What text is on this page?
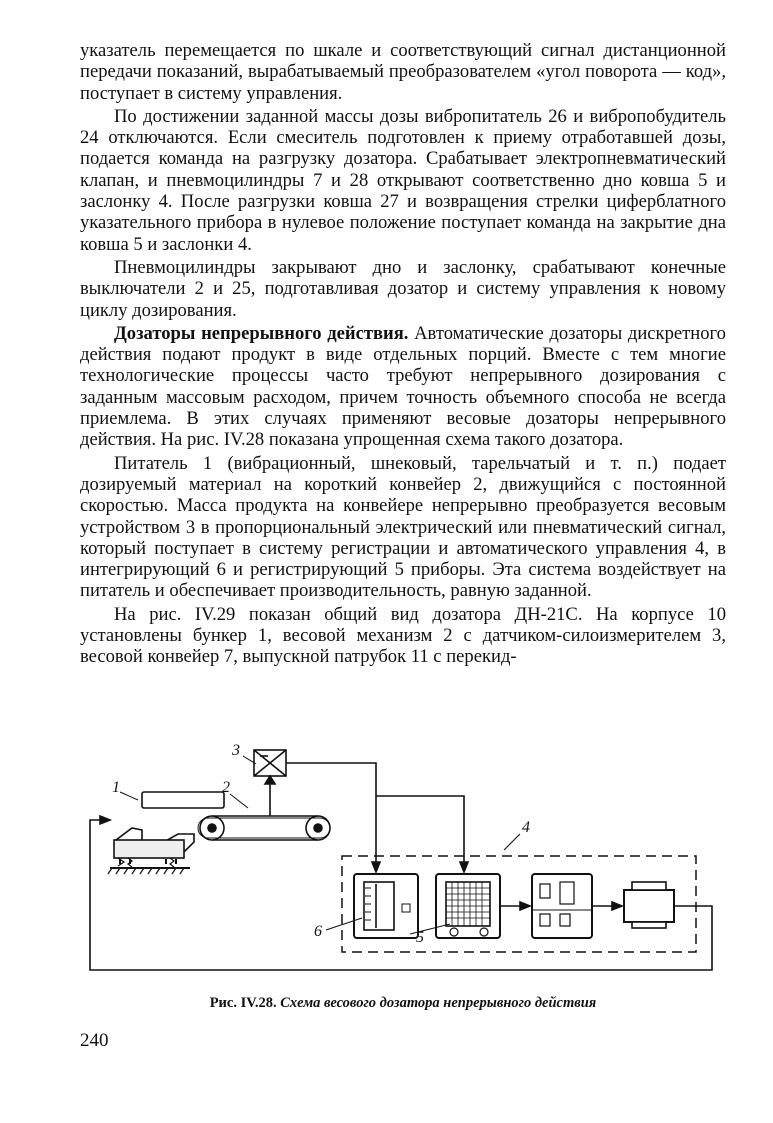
указатель перемещается по шкале и соответствующий сигнал дистанционной передачи показаний, вырабатываемый преобразователем «угол поворота — код», поступает в систему управления.

По достижении заданной массы дозы вибропитатель 26 и вибропобудитель 24 отключаются. Если смеситель подготовлен к приему отработавшей дозы, подается команда на разгрузку дозатора. Срабатывает электропневматический клапан, и пневмоцилиндры 7 и 28 открывают соответственно дно ковша 5 и заслонку 4. После разгрузки ковша 27 и возвращения стрелки циферблатного указательного прибора в нулевое положение поступает команда на закрытие дна ковша 5 и заслонки 4.

Пневмоцилиндры закрывают дно и заслонку, срабатывают конечные выключатели 2 и 25, подготавливая дозатор и систему управления к новому циклу дозирования.

Дозаторы непрерывного действия. Автоматические дозаторы дискретного действия подают продукт в виде отдельных порций. Вместе с тем многие технологические процессы часто требуют непрерывного дозирования с заданным массовым расходом, причем точность объемного способа не всегда приемлема. В этих случаях применяют весовые дозаторы непрерывного действия. На рис. IV.28 показана упрощенная схема такого дозатора.

Питатель 1 (вибрационный, шнековый, тарельчатый и т. п.) подает дозируемый материал на короткий конвейер 2, движущийся с постоянной скоростью. Масса продукта на конвейере непрерывно преобразуется весовым устройством 3 в пропорциональный электрический или пневматический сигнал, который поступает в систему регистрации и автоматического управления 4, в интегрирующий 6 и регистрирующий 5 приборы. Эта система воздействует на питатель и обеспечивает производительность, равную заданной.

На рис. IV.29 показан общий вид дозатора ДН-21С. На корпусе 10 установлены бункер 1, весовой механизм 2 с датчиком-силоизмерителем 3, весовой конвейер 7, выпускной патрубок 11 с перекид-

1	2
3
4
5
6
Рис. IV.28. Схема весового дозатора непрерывного действия
240
